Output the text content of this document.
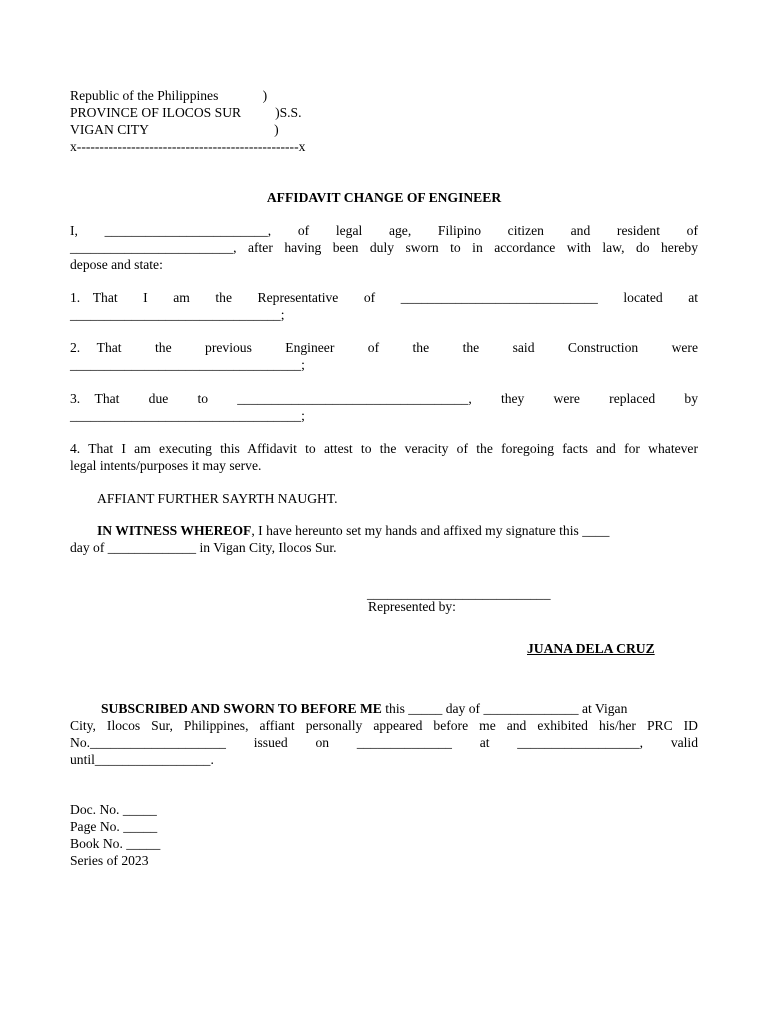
Republic of the Philippines             )
PROVINCE OF ILOCOS SUR          )S.S.
VIGAN CITY                                     )
x-------------------------------------------------x
AFFIDAVIT CHANGE OF ENGINEER
I,  ________________________,  of  legal  age,  Filipino  citizen  and  resident  of
________________________, after having been duly sworn to in accordance with law, do hereby
depose and state:
1. That  I  am  the  Representative  of  _____________________________  located  at
_______________________________;
2. That  the  previous  Engineer  of  the  the  said  Construction  were
__________________________________;
3. That  due  to  __________________________________,  they  were  replaced  by
__________________________________;
4. That I am executing this Affidavit to attest to the veracity of the foregoing facts and for whatever
legal intents/purposes it may serve.
AFFIANT FURTHER SAYRTH NAUGHT.
IN WITNESS WHEREOF, I have hereunto set my hands and affixed my signature this ____
day of _____________ in Vigan City, Ilocos Sur.
___________________________
Represented by:
JUANA DELA CRUZ
SUBSCRIBED AND SWORN TO BEFORE ME this _____ day of ______________ at Vigan
City, Ilocos Sur, Philippines, affiant personally appeared before me and exhibited his/her PRC ID
No.____________________  issued  on  ______________  at  __________________,  valid
until_________________.
Doc. No. _____
Page No. _____
Book No. _____
Series of 2023
